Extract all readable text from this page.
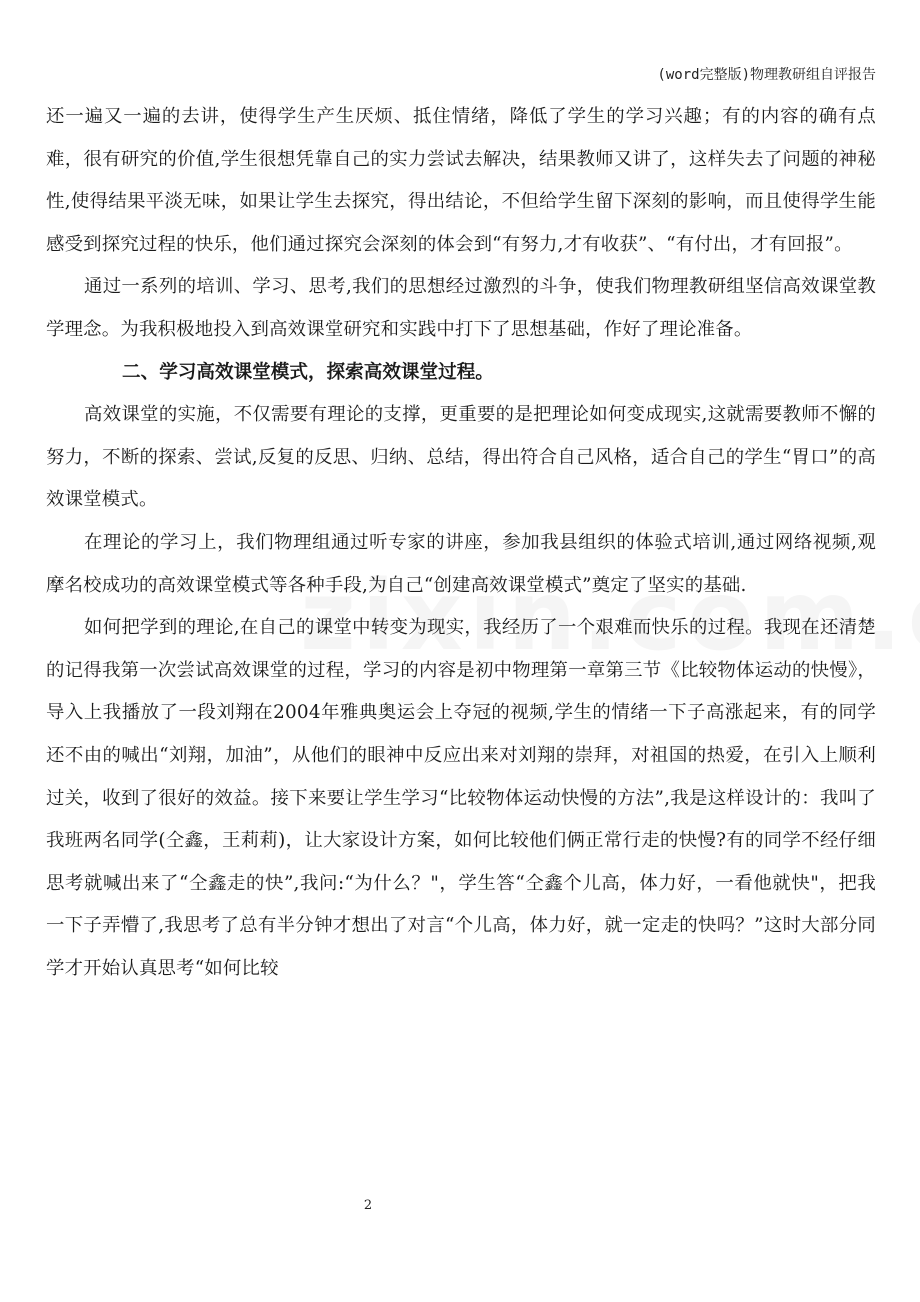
(word完整版)物理教研组自评报告

还一遍又一遍的去讲，使得学生产生厌烦、抵住情绪，降低了学生的学习兴趣；有的内容的确有点难，很有研究的价值,学生很想凭靠自己的实力尝试去解决，结果教师又讲了，这样失去了问题的神秘性,使得结果平淡无味，如果让学生去探究，得出结论，不但给学生留下深刻的影响，而且使得学生能感受到探究过程的快乐，他们通过探究会深刻的体会到“有努力,才有收获”、“有付出，才有回报”。

通过一系列的培训、学习、思考,我们的思想经过激烈的斗争，使我们物理教研组坚信高效课堂教学理念。为我积极地投入到高效课堂研究和实践中打下了思想基础，作好了理论准备。

二、学习高效课堂模式，探索高效课堂过程。

高效课堂的实施，不仅需要有理论的支撑，更重要的是把理论如何变成现实,这就需要教师不懈的努力，不断的探索、尝试,反复的反思、归纳、总结，得出符合自己风格，适合自己的学生“胃口”的高效课堂模式。

在理论的学习上，我们物理组通过听专家的讲座，参加我县组织的体验式培训,通过网络视频,观摩名校成功的高效课堂模式等各种手段,为自己“创建高效课堂模式”奠定了坚实的基础.

如何把学到的理论,在自己的课堂中转变为现实，我经历了一个艰难而快乐的过程。我现在还清楚的记得我第一次尝试高效课堂的过程，学习的内容是初中物理第一章第三节《比较物体运动的快慢》，导入上我播放了一段刘翔在2004年雅典奥运会上夺冠的视频,学生的情绪一下子高涨起来，有的同学还不由的喊出“刘翔，加油”，从他们的眼神中反应出来对刘翔的崇拜，对祖国的热爱，在引入上顺利过关，收到了很好的效益。接下来要让学生学习“比较物体运动快慢的方法”,我是这样设计的：我叫了我班两名同学(仝鑫，王莉莉)，让大家设计方案，如何比较他们俩正常行走的快慢?有的同学不经仔细思考就喊出来了“仝鑫走的快”,我问:“为什么？"，学生答“仝鑫个儿高，体力好，一看他就快"，把我一下子弄懵了,我思考了总有半分钟才想出了对言“个儿高，体力好，就一定走的快吗？”这时大部分同学才开始认真思考“如何比较

2
